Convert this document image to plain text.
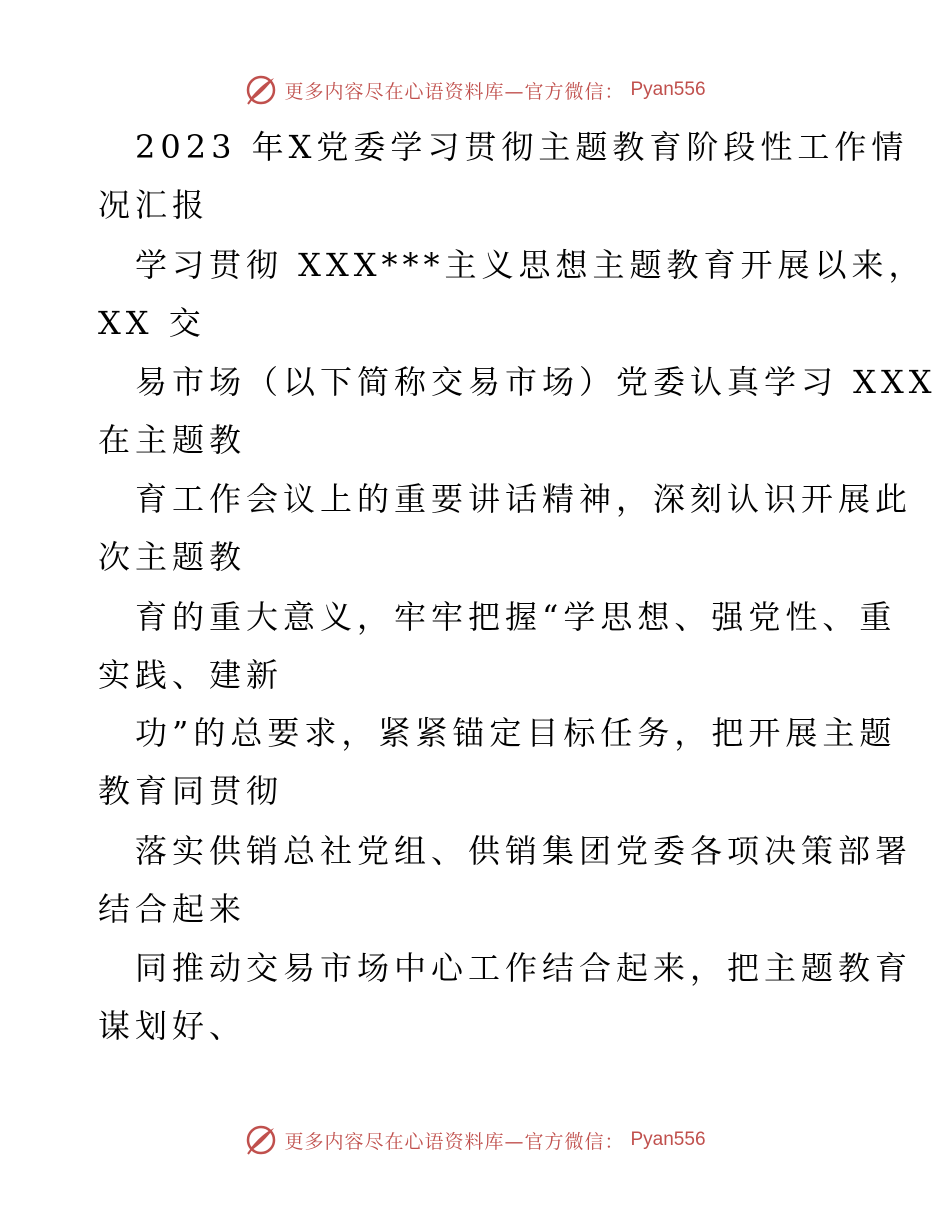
更多内容尽在心语资料库—官方微信： Pyan556
2023 年X党委学习贯彻主题教育阶段性工作情
况汇报
学习贯彻 XXX***主义思想主题教育开展以来，
XX 交
易市场（以下简称交易市场）党委认真学习 XXX
在主题教
育工作会议上的重要讲话精神，深刻认识开展此
次主题教
育的重大意义，牢牢把握“学思想、强党性、重
实践、建新
功”的总要求，紧紧锚定目标任务，把开展主题
教育同贯彻
落实供销总社党组、供销集团党委各项决策部署
结合起来
同推动交易市场中心工作结合起来，把主题教育
谋划好、
更多内容尽在心语资料库—官方微信： Pyan556
